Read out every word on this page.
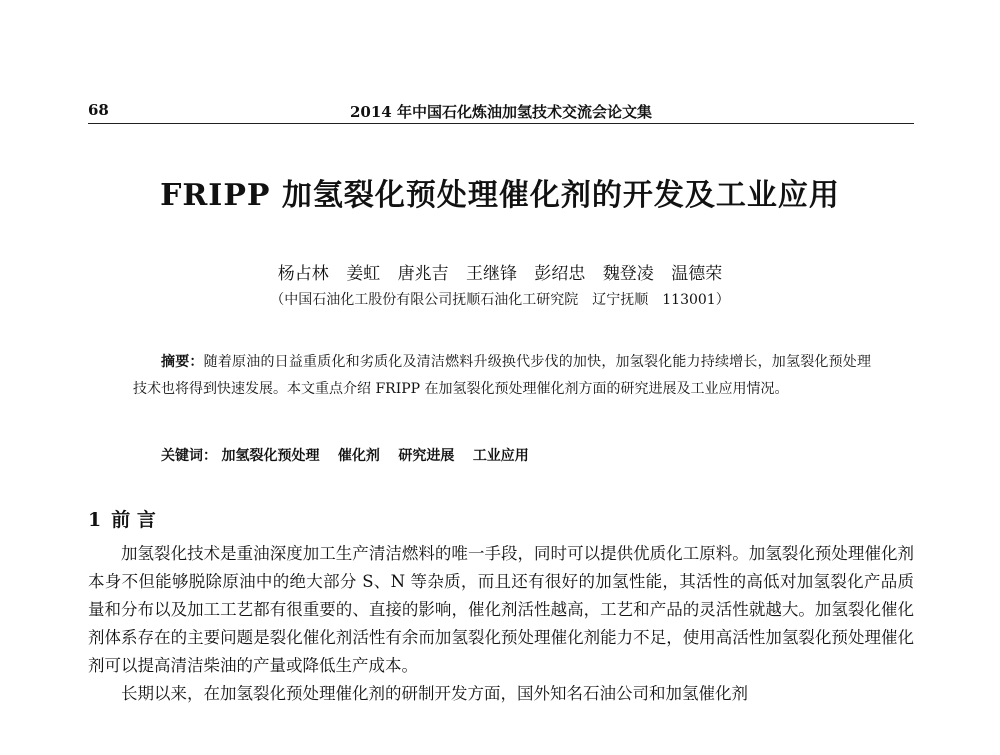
68	2014 年中国石化炼油加氢技术交流会论文集
FRIPP 加氢裂化预处理催化剂的开发及工业应用
杨占林 姜虹 唐兆吉 王继锋 彭绍忠 魏登凌 温德荣
（中国石油化工股份有限公司抚顺石油化工研究院　辽宁抚顺　113001）
摘要：随着原油的日益重质化和劣质化及清洁燃料升级换代步伐的加快，加氢裂化能力持续增长，加氢裂化预处理技术也将得到快速发展。本文重点介绍 FRIPP 在加氢裂化预处理催化剂方面的研究进展及工业应用情况。
关键词： 加氢裂化预处理 催化剂 研究进展 工业应用
1 前 言

加氢裂化技术是重油深度加工生产清洁燃料的唯一手段，同时可以提供优质化工原料。加氢裂化预处理催化剂本身不但能够脱除原油中的绝大部分 S、N 等杂质，而且还有很好的加氢性能，其活性的高低对加氢裂化产品质量和分布以及加工工艺都有很重要的、直接的影响，催化剂活性越高，工艺和产品的灵活性就越大。加氢裂化催化剂体系存在的主要问题是裂化催化剂活性有余而加氢裂化预处理催化剂能力不足，使用高活性加氢裂化预处理催化剂可以提高清洁柴油的产量或降低生产成本。

长期以来，在加氢裂化预处理催化剂的研制开发方面，国外知名石油公司和加氢催化剂
